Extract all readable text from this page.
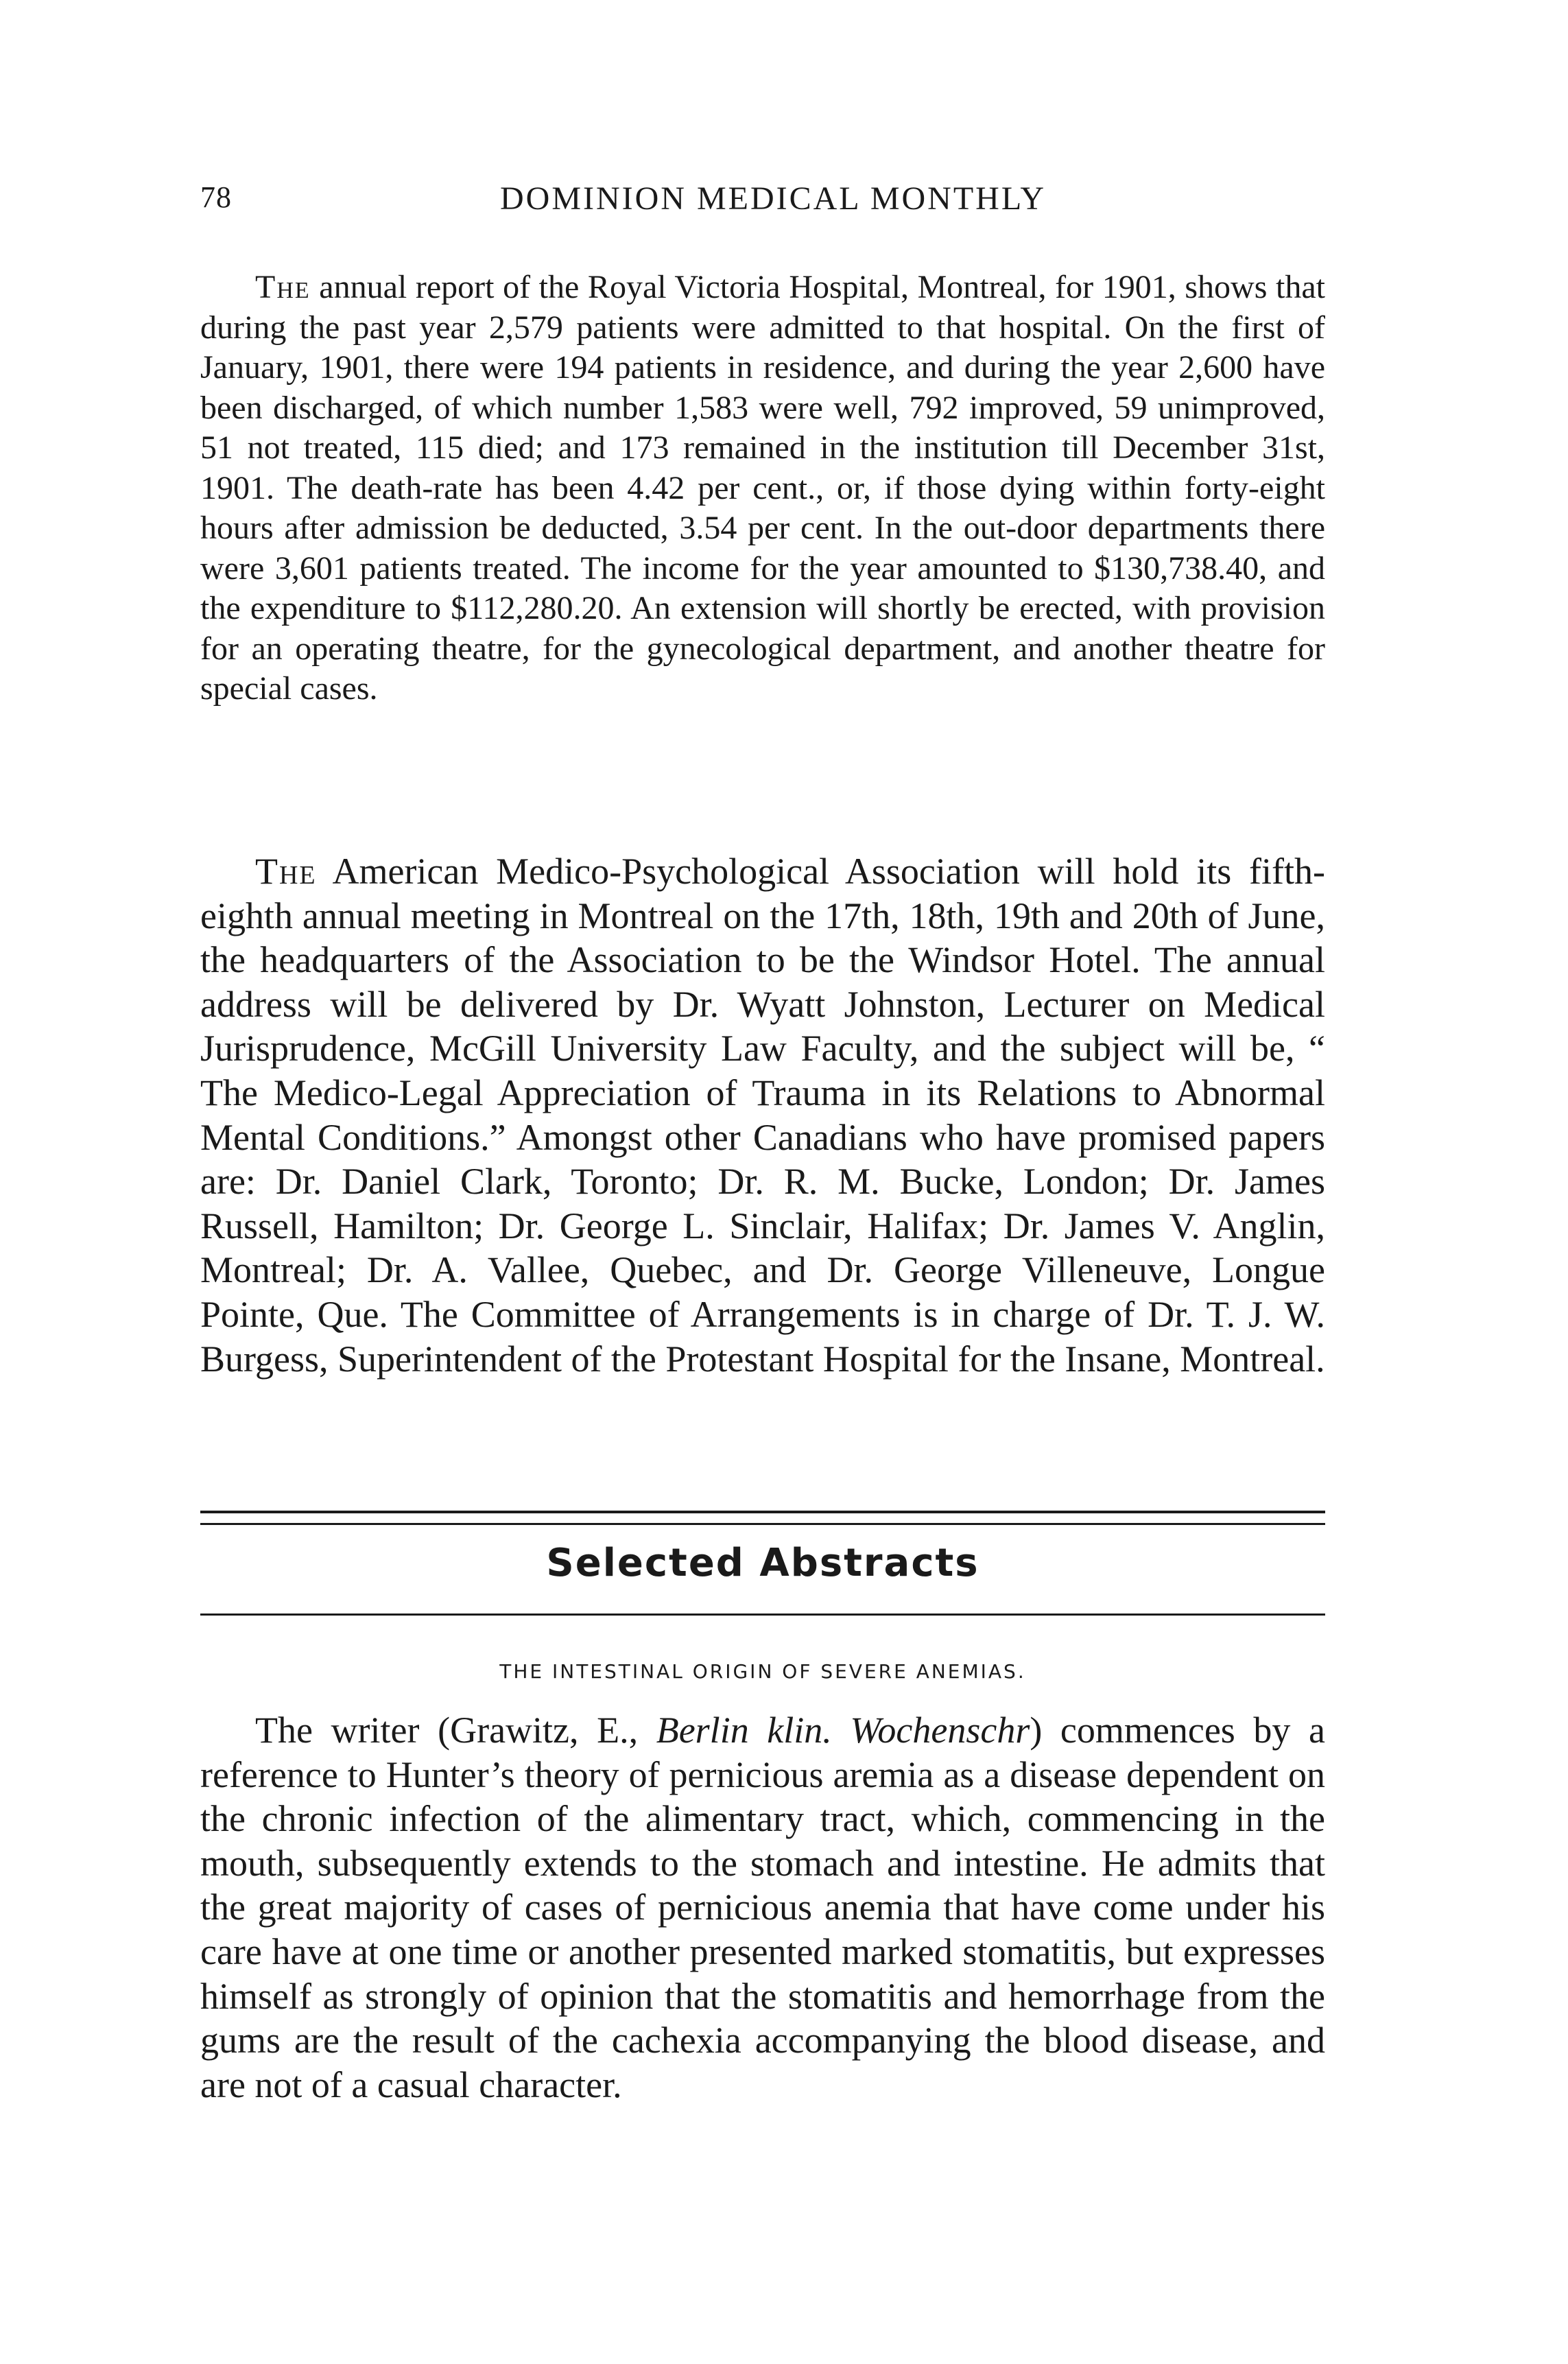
78	DOMINION MEDICAL MONTHLY

The annual report of the Royal Victoria Hospital, Montreal, for 1901, shows that during the past year 2,579 patients were admitted to that hospital. On the first of January, 1901, there were 194 patients in residence, and during the year 2,600 have been discharged, of which number 1,583 were well, 792 improved, 59 unimproved, 51 not treated, 115 died; and 173 remained in the institution till December 31st, 1901. The death-rate has been 4.42 per cent., or, if those dying within forty-eight hours after admission be deducted, 3.54 per cent. In the out-door departments there were 3,601 patients treated. The income for the year amounted to $130,738.40, and the expenditure to $112,280.20. An extension will shortly be erected, with provision for an operating theatre, for the gynecological department, and another theatre for special cases.

The American Medico-Psychological Association will hold its fifth-eighth annual meeting in Montreal on the 17th, 18th, 19th and 20th of June, the headquarters of the Association to be the Windsor Hotel. The annual address will be delivered by Dr. Wyatt Johnston, Lecturer on Medical Jurisprudence, McGill University Law Faculty, and the subject will be, “ The Medico-Legal Appreciation of Trauma in its Relations to Abnormal Mental Conditions.” Amongst other Canadians who have promised papers are: Dr. Daniel Clark, Toronto; Dr. R. M. Bucke, London; Dr. James Russell, Hamilton; Dr. George L. Sinclair, Halifax; Dr. James V. Anglin, Montreal; Dr. A. Vallee, Quebec, and Dr. George Villeneuve, Longue Pointe, Que. The Committee of Arrangements is in charge of Dr. T. J. W. Burgess, Superintendent of the Protestant Hospital for the Insane, Montreal.

Selected Abstracts
THE INTESTINAL ORIGIN OF SEVERE ANEMIAS.

The writer (Grawitz, E., Berlin klin. Wochenschr) commences by a reference to Hunter’s theory of pernicious aremia as a disease dependent on the chronic infection of the alimentary tract, which, commencing in the mouth, subsequently extends to the stomach and intestine. He admits that the great majority of cases of pernicious anemia that have come under his care have at one time or another presented marked stomatitis, but expresses himself as strongly of opinion that the stomatitis and hemorrhage from the gums are the result of the cachexia accompanying the blood disease, and are not of a casual character.
